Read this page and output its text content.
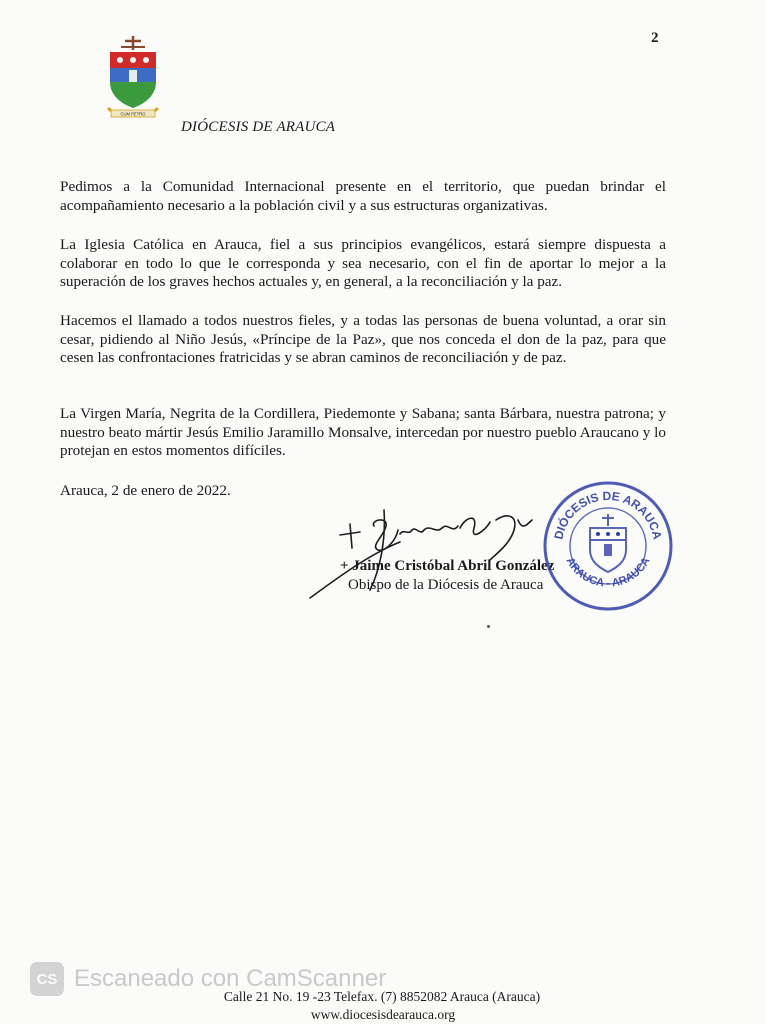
2
CUM PETRO
DIÓCESIS DE ARAUCA
Pedimos a la Comunidad Internacional presente en el territorio, que puedan brindar el acompañamiento necesario a la población civil y a sus estructuras organizativas.
La Iglesia Católica en Arauca, fiel a sus principios evangélicos, estará siempre dispuesta a colaborar en todo lo que le corresponda y sea necesario, con el fin de aportar lo mejor a la superación de los graves hechos actuales y, en general, a la reconciliación y la paz.
Hacemos el llamado a todos nuestros fieles, y a todas las personas de buena voluntad, a orar sin cesar, pidiendo al Niño Jesús, «Príncipe de la Paz», que nos conceda el don de la paz, para que cesen las confrontaciones fratricidas y se abran caminos de reconciliación y de paz.
La Virgen María, Negrita de la Cordillera, Piedemonte y Sabana; santa Bárbara, nuestra patrona; y nuestro beato mártir Jesús Emilio Jaramillo Monsalve, intercedan por nuestro pueblo Araucano y lo protejan en estos momentos difíciles.
Arauca, 2 de enero de 2022.
+ Jaime Cristóbal Abril González
Obispo de la Diócesis de Arauca
DIÓCESIS DE ARAUCA
ARAUCA - ARAUCA
CS Escaneado con CamScanner
Calle 21 No. 19 -23 Telefax. (7) 8852082 Arauca (Arauca)
www.diocesisdearauca.org
